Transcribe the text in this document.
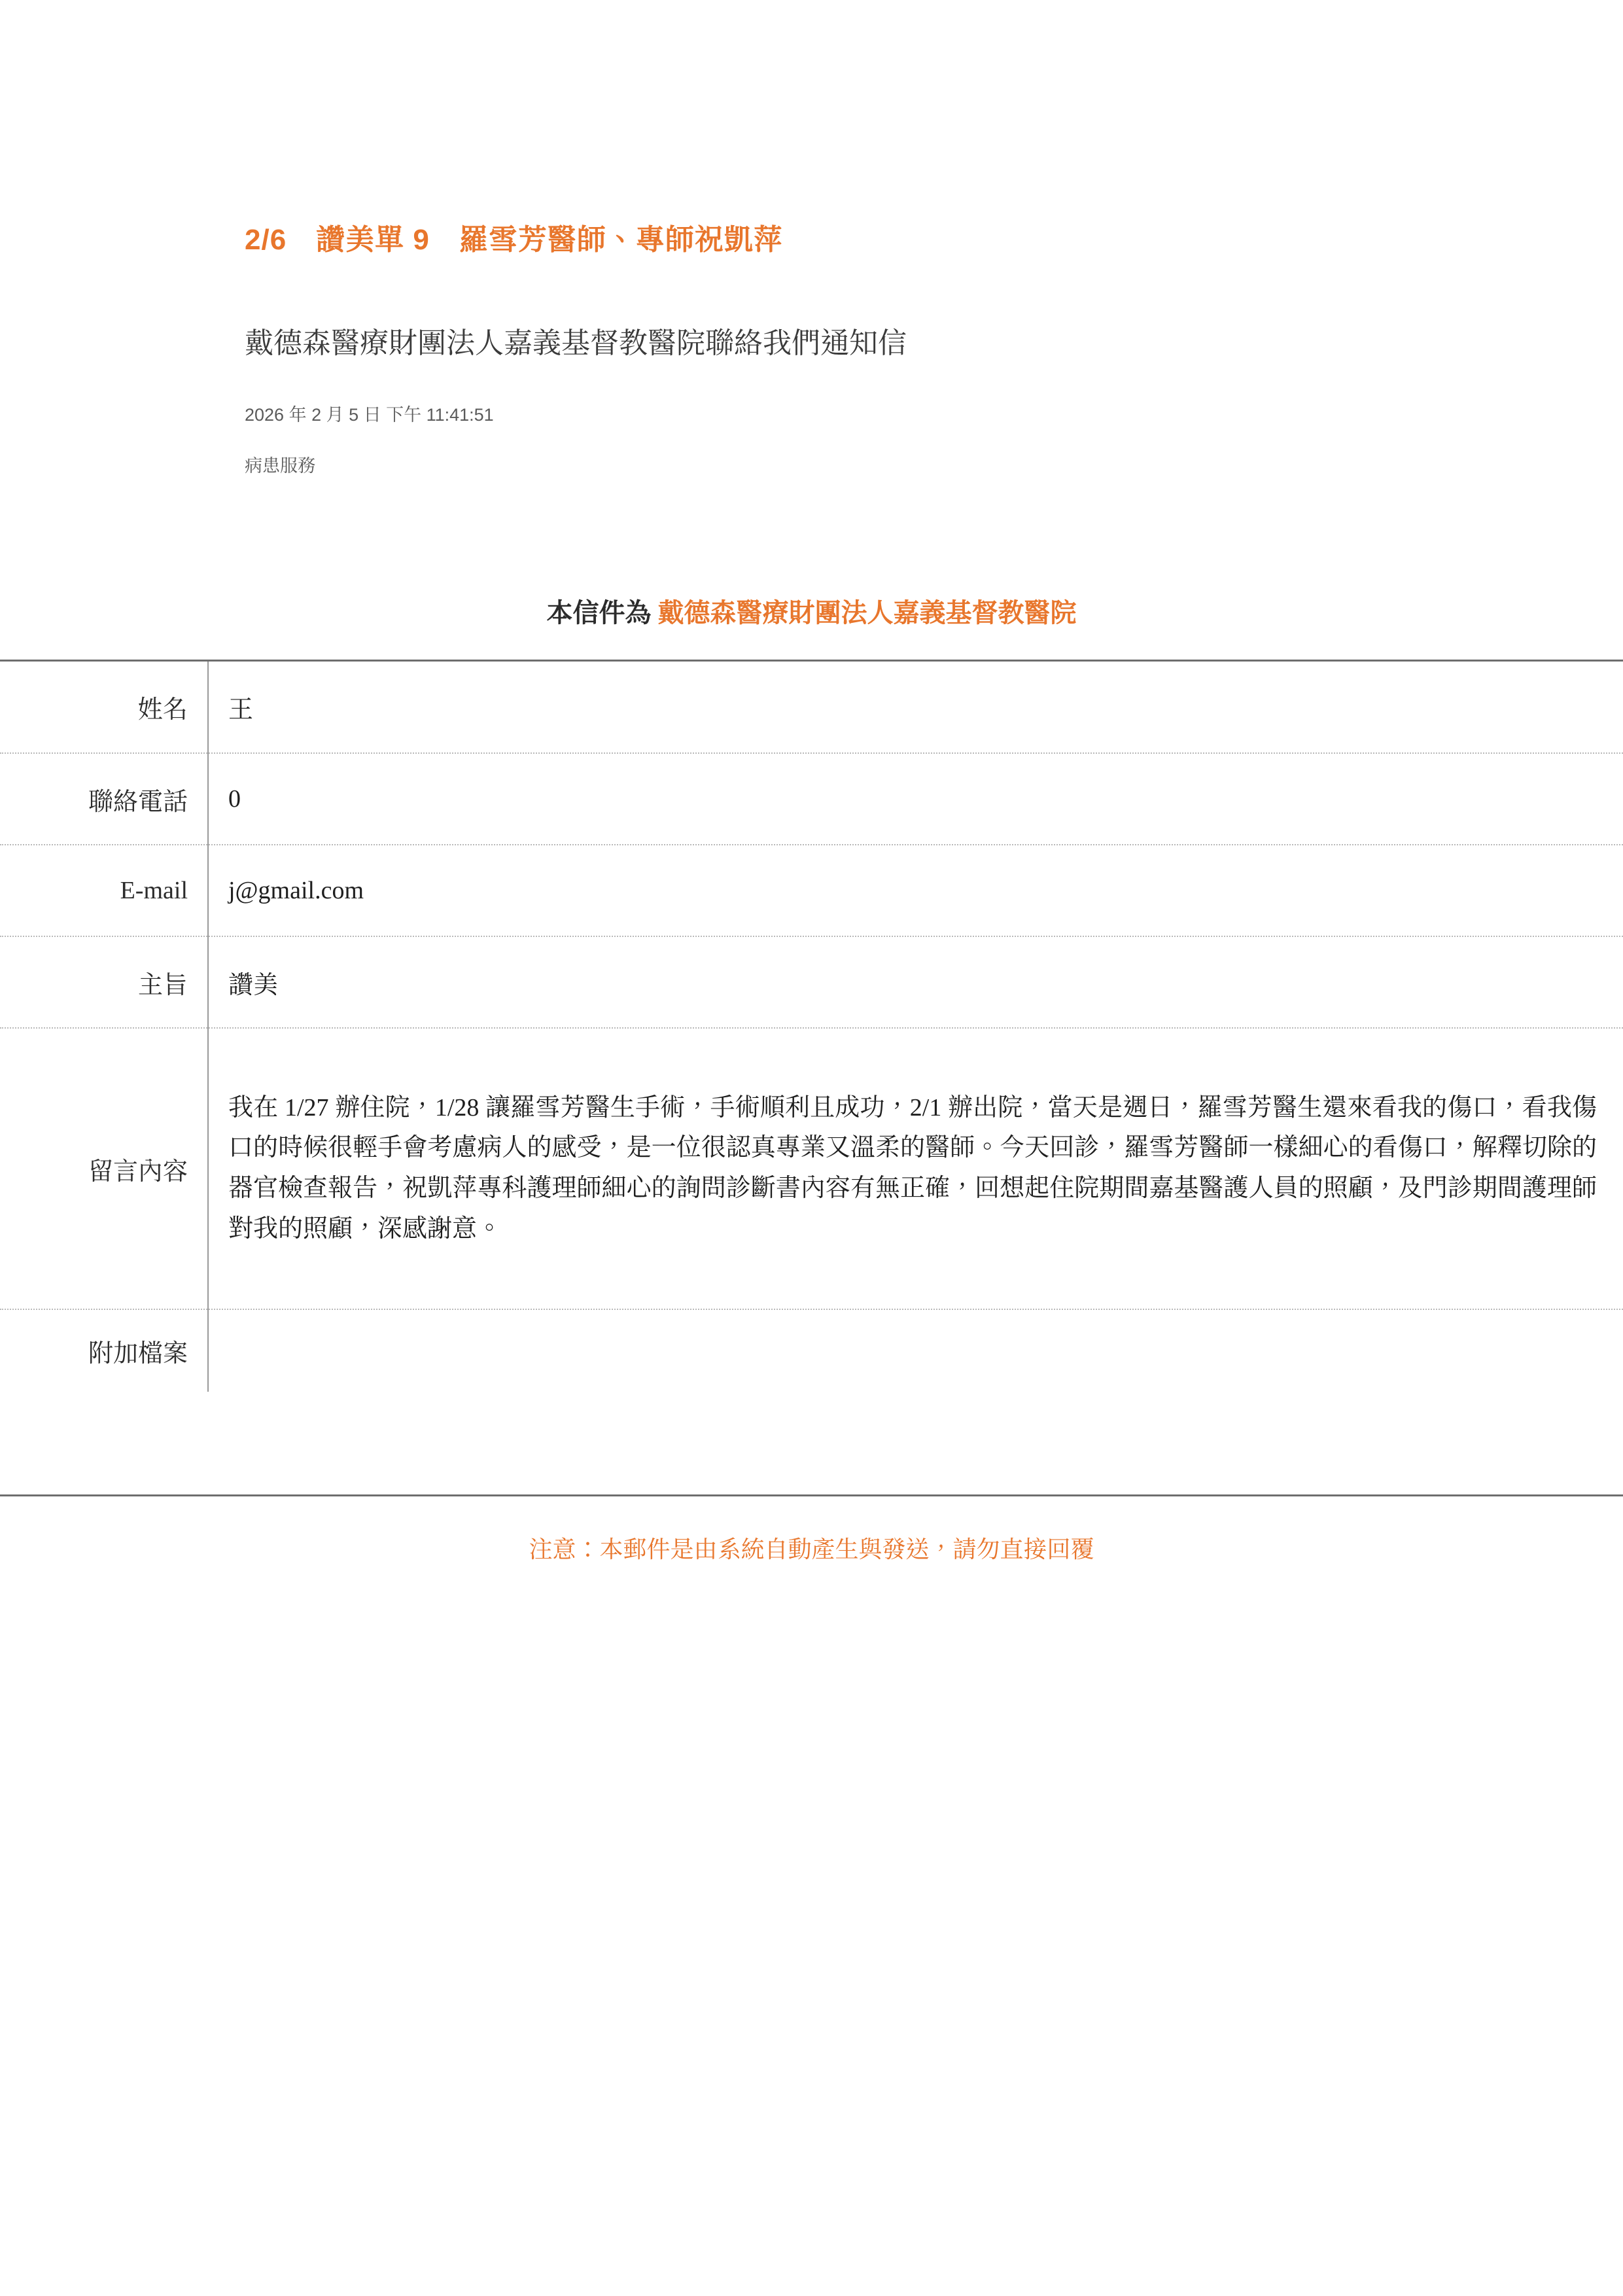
2/6　讚美單 9　羅雪芳醫師、專師祝凱萍
戴德森醫療財團法人嘉義基督教醫院聯絡我們通知信
2026 年 2 月 5 日 下午 11:41:51
病患服務
本信件為 戴德森醫療財團法人嘉義基督教醫院
姓名	王
聯絡電話	0
E-mail	j@gmail.com
主旨	讚美
留言內容	我在 1/27 辦住院，1/28 讓羅雪芳醫生手術，手術順利且成功，2/1 辦出院，當天是週日，羅雪芳醫生還來看我的傷口，看我傷口的時候很輕手會考慮病人的感受，是一位很認真專業又溫柔的醫師。今天回診，羅雪芳醫師一樣細心的看傷口，解釋切除的器官檢查報告，祝凱萍專科護理師細心的詢問診斷書內容有無正確，回想起住院期間嘉基醫護人員的照顧，及門診期間護理師對我的照顧，深感謝意。

附加檔案	
注意：本郵件是由系統自動產生與發送，請勿直接回覆
